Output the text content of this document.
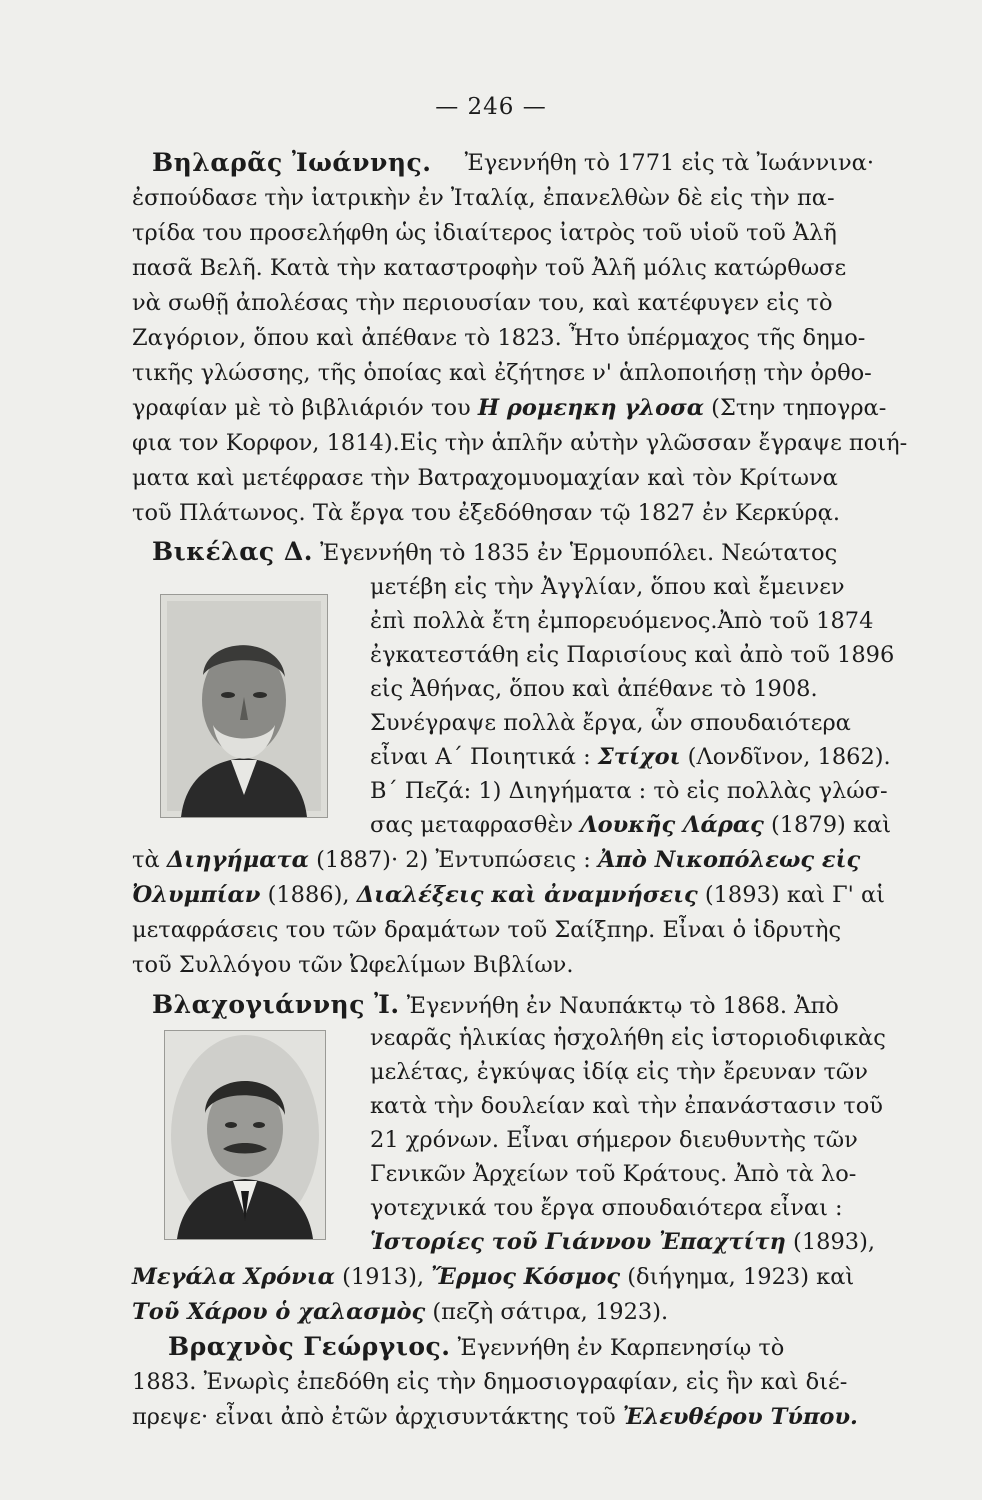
— 246 —
Βηλαρᾶς Ἰωάννης. Ἐγεννήθη τὸ 1771 εἰς τὰ Ἰωάννινα·
ἐσπούδασε τὴν ἰατρικὴν ἐν Ἰταλίᾳ, ἐπανελθὼν δὲ εἰς τὴν πα-
τρίδα του προσελήφθη ὡς ἰδιαίτερος ἰατρὸς τοῦ υἱοῦ τοῦ Ἀλῆ
πασᾶ Βελῆ. Κατὰ τὴν καταστροφὴν τοῦ Ἀλῆ μόλις κατώρθωσε
νὰ σωθῇ ἀπολέσας τὴν περιουσίαν του, καὶ κατέφυγεν εἰς τὸ
Ζαγόριον, ὅπου καὶ ἀπέθανε τὸ 1823. Ἦτο ὑπέρμαχος τῆς δημο-
τικῆς γλώσσης, τῆς ὁποίας καὶ ἐζήτησε ν' ἁπλοποιήσῃ τὴν ὀρθο-
γραφίαν μὲ τὸ βιβλιάριόν του Η ρομεηκη γλοσα (Στην τηπογρα-
φια τον Κορφον, 1814).Εἰς τὴν ἁπλῆν αὐτὴν γλῶσσαν ἔγραψε ποιή-
ματα καὶ μετέφρασε τὴν Βατραχομυομαχίαν καὶ τὸν Κρίτωνα
τοῦ Πλάτωνος. Τὰ ἔργα του ἐξεδόθησαν τῷ 1827 ἐν Κερκύρᾳ.
Βικέλας Δ. Ἐγεννήθη τὸ 1835 ἐν Ἑρμουπόλει. Νεώτατος
μετέβη εἰς τὴν Ἀγγλίαν, ὅπου καὶ ἔμεινεν
ἐπὶ πολλὰ ἔτη ἐμπορευόμενος.Ἀπὸ τοῦ 1874
ἐγκατεστάθη εἰς Παρισίους καὶ ἀπὸ τοῦ 1896
εἰς Ἀθήνας, ὅπου καὶ ἀπέθανε τὸ 1908.
Συνέγραψε πολλὰ ἔργα, ὧν σπουδαιότερα
εἶναι Α΄ Ποιητικά : Στίχοι (Λονδῖνον, 1862).
Β΄ Πεζά: 1) Διηγήματα : τὸ εἰς πολλὰς γλώσ-
σας μεταφρασθὲν Λουκῆς Λάρας (1879) καὶ
τὰ Διηγήματα (1887)· 2) Ἐντυπώσεις : Ἀπὸ Νικοπόλεως εἰς
Ὀλυμπίαν (1886), Διαλέξεις καὶ ἀναμνήσεις (1893) καὶ Γ' αἱ
μεταφράσεις του τῶν δραμάτων τοῦ Σαίξπηρ. Εἶναι ὁ ἱδρυτὴς
τοῦ Συλλόγου τῶν Ὠφελίμων Βιβλίων.
Βλαχογιάννης Ἰ. Ἐγεννήθη ἐν Ναυπάκτῳ τὸ 1868. Ἀπὸ
νεαρᾶς ἡλικίας ἠσχολήθη εἰς ἱστοριοδιφικὰς
μελέτας, ἐγκύψας ἰδίᾳ εἰς τὴν ἔρευναν τῶν
κατὰ τὴν δουλείαν καὶ τὴν ἐπανάστασιν τοῦ
21 χρόνων. Εἶναι σήμερον διευθυντὴς τῶν
Γενικῶν Ἀρχείων τοῦ Κράτους. Ἀπὸ τὰ λο-
γοτεχνικά του ἔργα σπουδαιότερα εἶναι :
Ἱστορίες τοῦ Γιάννου Ἐπαχτίτη (1893),
Μεγάλα Χρόνια (1913), Ἔρμος Κόσμος (διήγημα, 1923) καὶ
Τοῦ Χάρου ὁ χαλασμὸς (πεζὴ σάτιρα, 1923).
Βραχνὸς Γεώργιος. Ἐγεννήθη ἐν Καρπενησίῳ τὸ
1883. Ἐνωρὶς ἐπεδόθη εἰς τὴν δημοσιογραφίαν, εἰς ἣν καὶ διέ-
πρεψε· εἶναι ἀπὸ ἐτῶν ἀρχισυντάκτης τοῦ Ἐλευθέρου Τύπου.
